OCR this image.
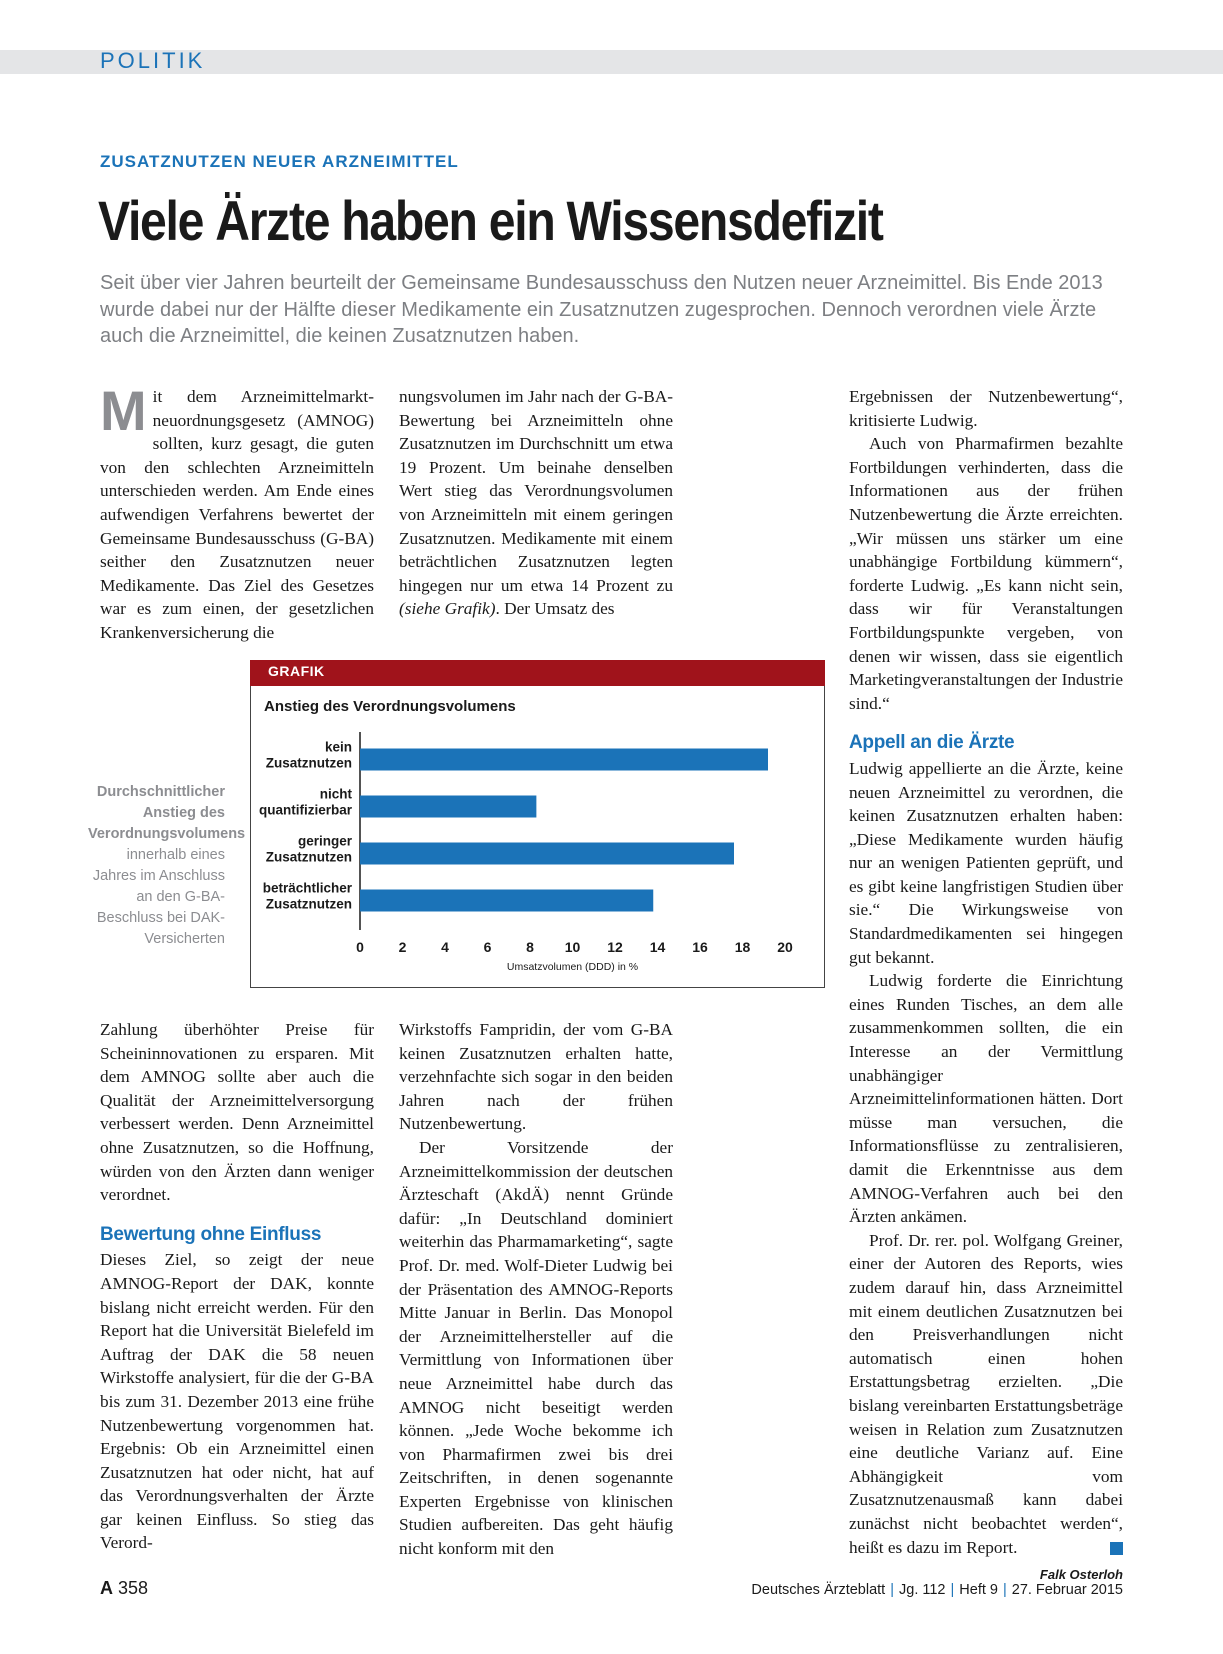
POLITIK
ZUSATZNUTZEN NEUER ARZNEIMITTEL
Viele Ärzte haben ein Wissensdefizit
Seit über vier Jahren beurteilt der Gemeinsame Bundesausschuss den Nutzen neuer Arzneimittel. Bis Ende 2013 wurde dabei nur der Hälfte dieser Medikamente ein Zusatznutzen zugesprochen. Dennoch verordnen viele Ärzte auch die Arzneimittel, die keinen Zusatznutzen haben.

Mit dem Arzneimittelmarktneuordnungsgesetz (AMNOG) sollten, kurz gesagt, die guten von den schlechten Arzneimitteln unterschieden werden. Am Ende eines aufwendigen Verfahrens bewertet der Gemeinsame Bundesausschuss (G-BA) seither den Zusatznutzen neuer Medikamente. Das Ziel des Gesetzes war es zum einen, der gesetzlichen Krankenversicherung die

nungsvolumen im Jahr nach der G-BA-Bewertung bei Arzneimitteln ohne Zusatznutzen im Durchschnitt um etwa 19 Prozent. Um beinahe denselben Wert stieg das Verordnungsvolumen von Arzneimitteln mit einem geringen Zusatznutzen. Medikamente mit einem beträchtlichen Zusatznutzen legten hingegen nur um etwa 14 Prozent zu (siehe Grafik). Der Umsatz des

Durchschnittlicher Anstieg des Verordnungsvolumens innerhalb eines Jahres im Anschluss an den G-BA-Beschluss bei DAK-Versicherten
GRAFIK
Anstieg des Verordnungsvolumens
kein
Zusatznutzen
nicht
quantifizierbar
geringer
Zusatznutzen
beträchtlicher
Zusatznutzen
0 2 4 6 8 10 12 14 16 18 20
Umsatzvolumen (DDD) in %

Zahlung überhöhter Preise für Scheininnovationen zu ersparen. Mit dem AMNOG sollte aber auch die Qualität der Arzneimittelversorgung verbessert werden. Denn Arzneimittel ohne Zusatznutzen, so die Hoffnung, würden von den Ärzten dann weniger verordnet.

Bewertung ohne Einfluss

Dieses Ziel, so zeigt der neue AMNOG-Report der DAK, konnte bislang nicht erreicht werden. Für den Report hat die Universität Bielefeld im Auftrag der DAK die 58 neuen Wirkstoffe analysiert, für die der G-BA bis zum 31. Dezember 2013 eine frühe Nutzenbewertung vorgenommen hat. Ergebnis: Ob ein Arzneimittel einen Zusatznutzen hat oder nicht, hat auf das Verordnungsverhalten der Ärzte gar keinen Einfluss. So stieg das Verord-

Wirkstoffs Fampridin, der vom G-BA keinen Zusatznutzen erhalten hatte, verzehnfachte sich sogar in den beiden Jahren nach der frühen Nutzenbewertung.

Der Vorsitzende der Arzneimittelkommission der deutschen Ärzteschaft (AkdÄ) nennt Gründe dafür: „In Deutschland dominiert weiterhin das Pharmamarketing“, sagte Prof. Dr. med. Wolf-Dieter Ludwig bei der Präsentation des AMNOG-Reports Mitte Januar in Berlin. Das Monopol der Arzneimittelhersteller auf die Vermittlung von Informationen über neue Arzneimittel habe durch das AMNOG nicht beseitigt werden können. „Jede Woche bekomme ich von Pharmafirmen zwei bis drei Zeitschriften, in denen sogenannte Experten Ergebnisse von klinischen Studien aufbereiten. Das geht häufig nicht konform mit den

Ergebnissen der Nutzenbewertung“, kritisierte Ludwig.

Auch von Pharmafirmen bezahlte Fortbildungen verhinderten, dass die Informationen aus der frühen Nutzenbewertung die Ärzte erreichten. „Wir müssen uns stärker um eine unabhängige Fortbildung kümmern“, forderte Ludwig. „Es kann nicht sein, dass wir für Veranstaltungen Fortbildungspunkte vergeben, von denen wir wissen, dass sie eigentlich Marketingveranstaltungen der Industrie sind.“

Appell an die Ärzte

Ludwig appellierte an die Ärzte, keine neuen Arzneimittel zu verordnen, die keinen Zusatznutzen erhalten haben: „Diese Medikamente wurden häufig nur an wenigen Patienten geprüft, und es gibt keine langfristigen Studien über sie.“ Die Wirkungsweise von Standardmedikamenten sei hingegen gut bekannt.

Ludwig forderte die Einrichtung eines Runden Tisches, an dem alle zusammenkommen sollten, die ein Interesse an der Vermittlung unabhängiger Arzneimittelinformationen hätten. Dort müsse man versuchen, die Informationsflüsse zu zentralisieren, damit die Erkenntnisse aus dem AMNOG-Verfahren auch bei den Ärzten ankämen.

Prof. Dr. rer. pol. Wolfgang Greiner, einer der Autoren des Reports, wies zudem darauf hin, dass Arzneimittel mit einem deutlichen Zusatznutzen bei den Preisverhandlungen nicht automatisch einen hohen Erstattungsbetrag erzielten. „Die bislang vereinbarten Erstattungsbeträge weisen in Relation zum Zusatznutzen eine deutliche Varianz auf. Eine Abhängigkeit vom Zusatznutzenausmaß kann dabei zunächst nicht beobachtet werden“, heißt es dazu im Report.

Falk Osterloh
A 358	Deutsches Ärzteblatt | Jg. 112 | Heft 9 | 27. Februar 2015
